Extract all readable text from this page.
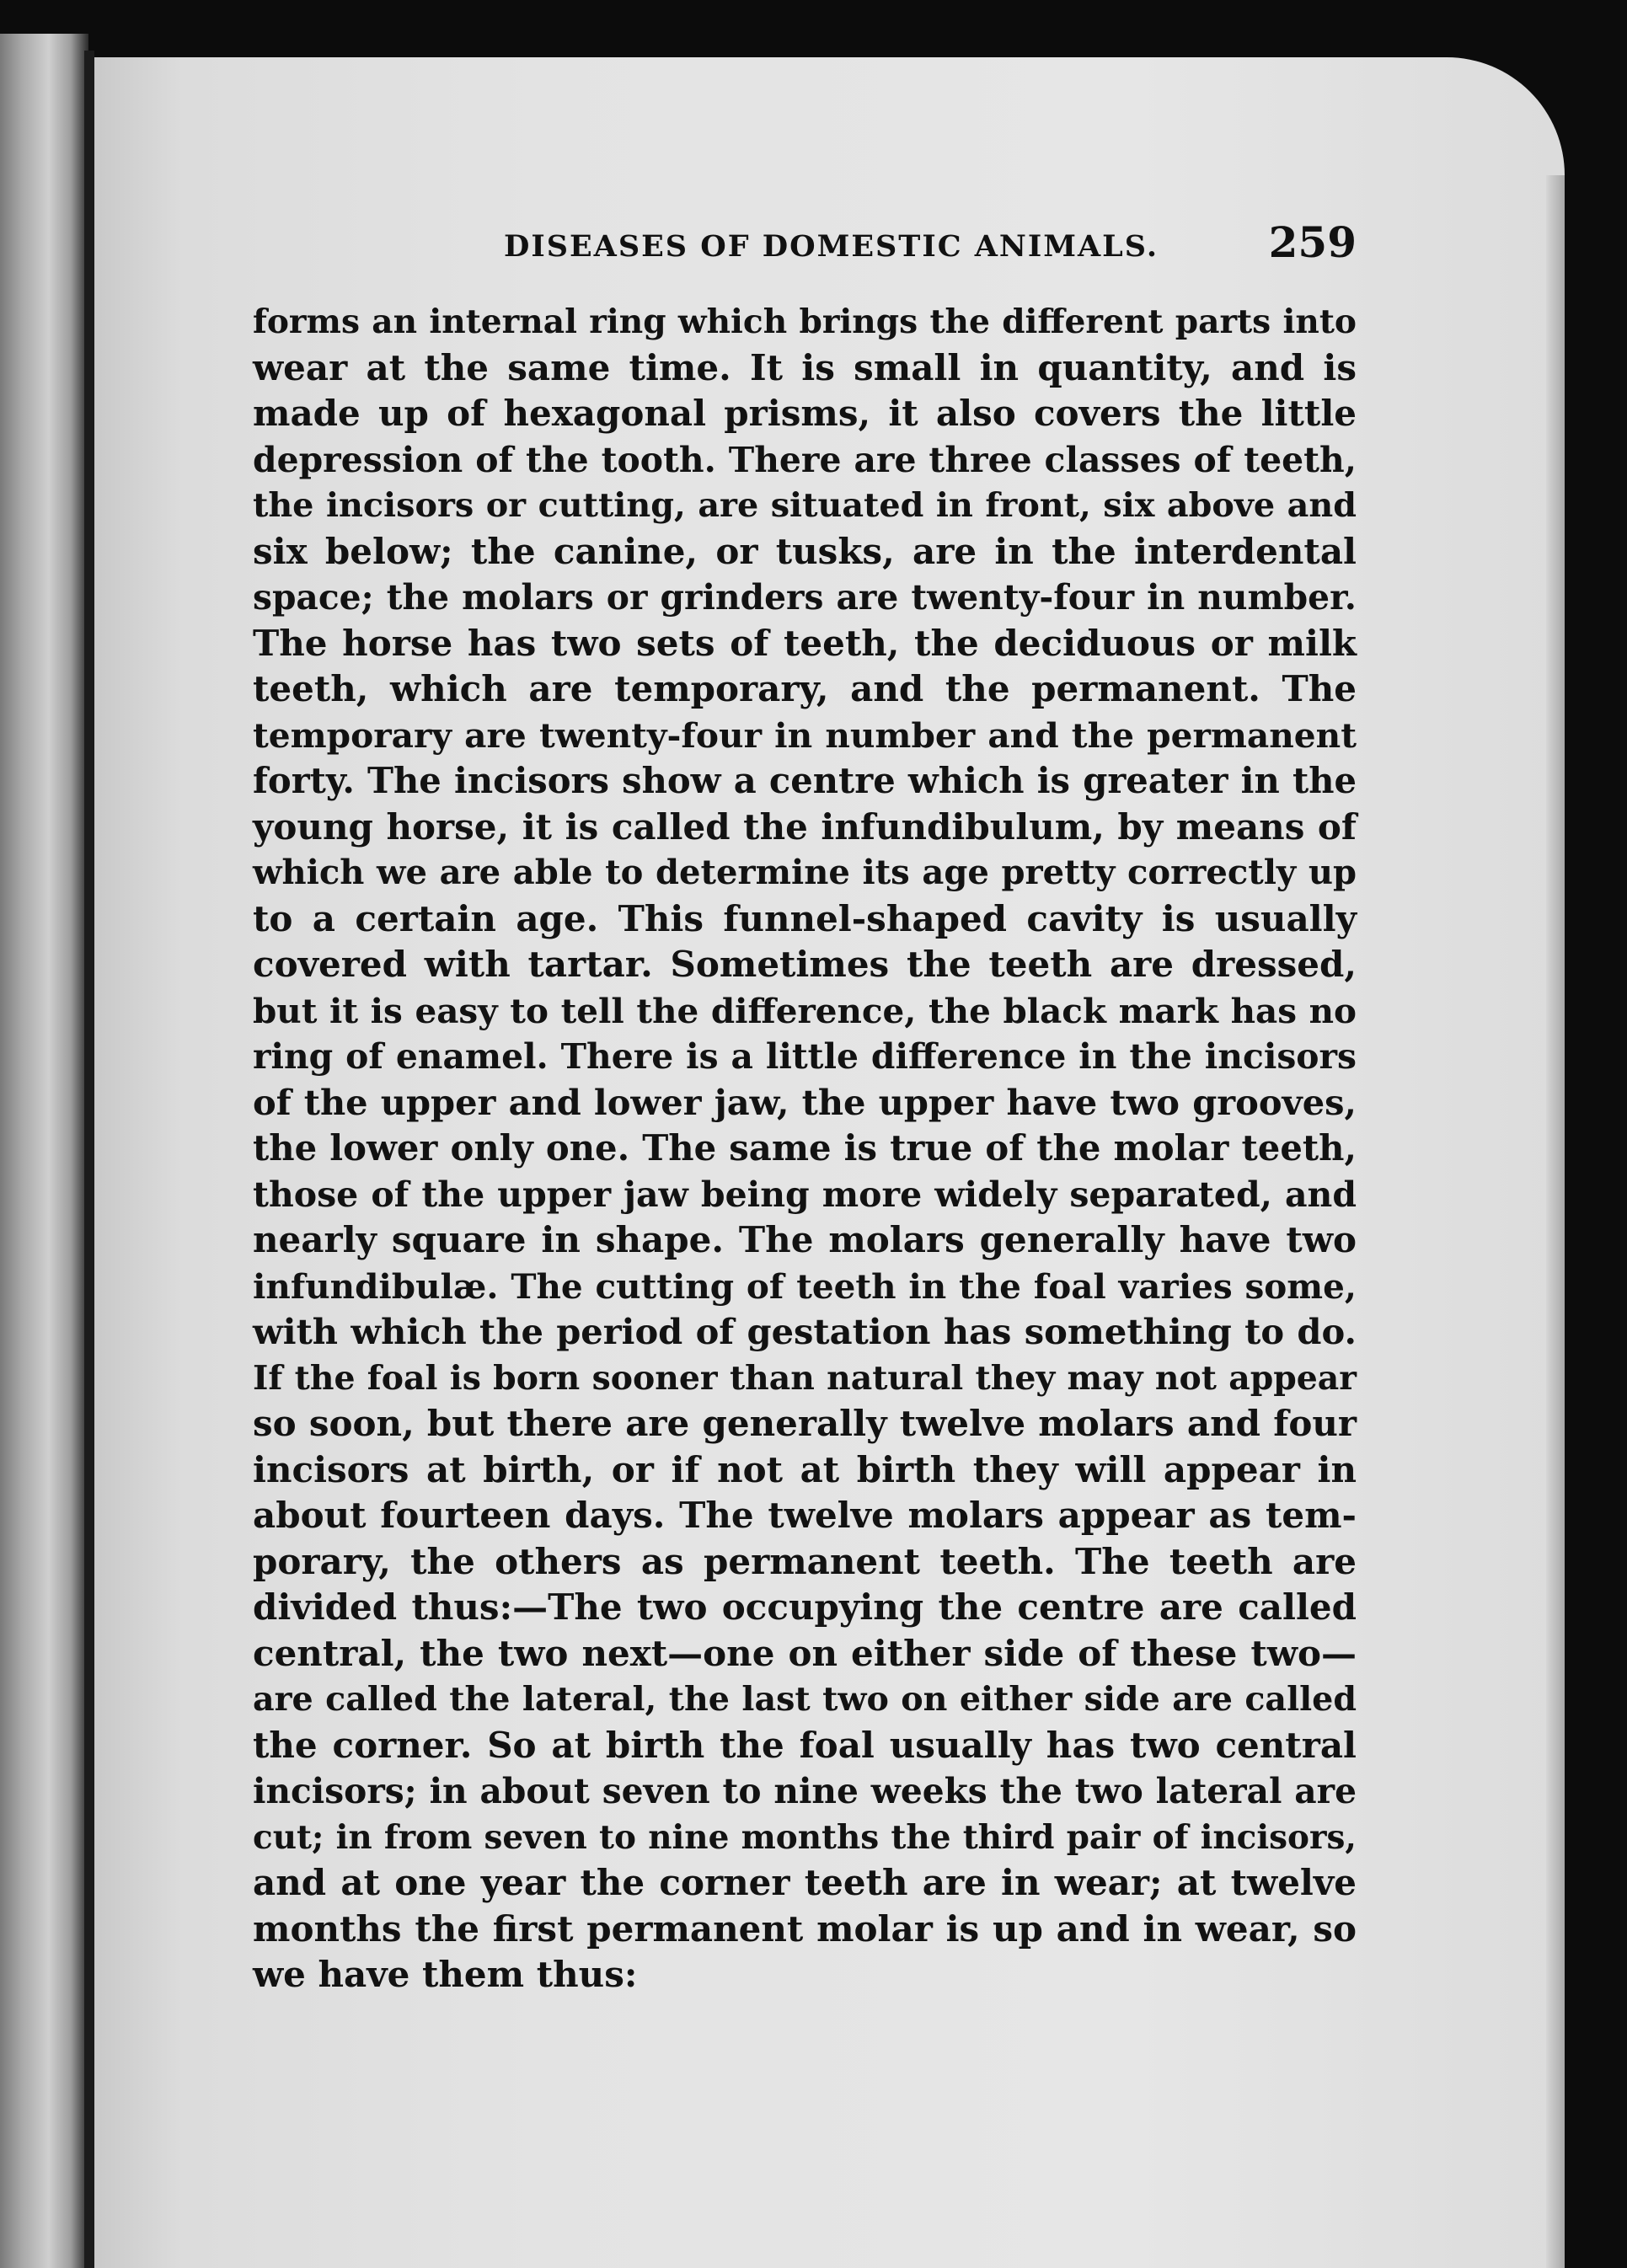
DISEASES OF DOMESTIC ANIMALS.	259
forms an internal ring which brings the different parts into
wear at the same time. It is small in quantity, and is
made up of hexagonal prisms, it also covers the little
depression of the tooth. There are three classes of teeth,
the incisors or cutting, are situated in front, six above and
six below; the canine, or tusks, are in the interdental
space; the molars or grinders are twenty-four in number.
The horse has two sets of teeth, the deciduous or milk
teeth, which are temporary, and the permanent. The
temporary are twenty-four in number and the permanent
forty. The incisors show a centre which is greater in the
young horse, it is called the infundibulum, by means of
which we are able to determine its age pretty correctly up
to a certain age. This funnel-shaped cavity is usually
covered with tartar. Sometimes the teeth are dressed,
but it is easy to tell the difference, the black mark has no
ring of enamel. There is a little difference in the incisors
of the upper and lower jaw, the upper have two grooves,
the lower only one. The same is true of the molar teeth,
those of the upper jaw being more widely separated, and
nearly square in shape. The molars generally have two
infundibulæ. The cutting of teeth in the foal varies some,
with which the period of gestation has something to do.
If the foal is born sooner than natural they may not appear
so soon, but there are generally twelve molars and four
incisors at birth, or if not at birth they will appear in
about fourteen days. The twelve molars appear as tem-
porary, the others as permanent teeth. The teeth are
divided thus:—The two occupying the centre are called
central, the two next—one on either side of these two—
are called the lateral, the last two on either side are called
the corner. So at birth the foal usually has two central
incisors; in about seven to nine weeks the two lateral are
cut; in from seven to nine months the third pair of incisors,
and at one year the corner teeth are in wear; at twelve
months the first permanent molar is up and in wear, so
we have them thus:
